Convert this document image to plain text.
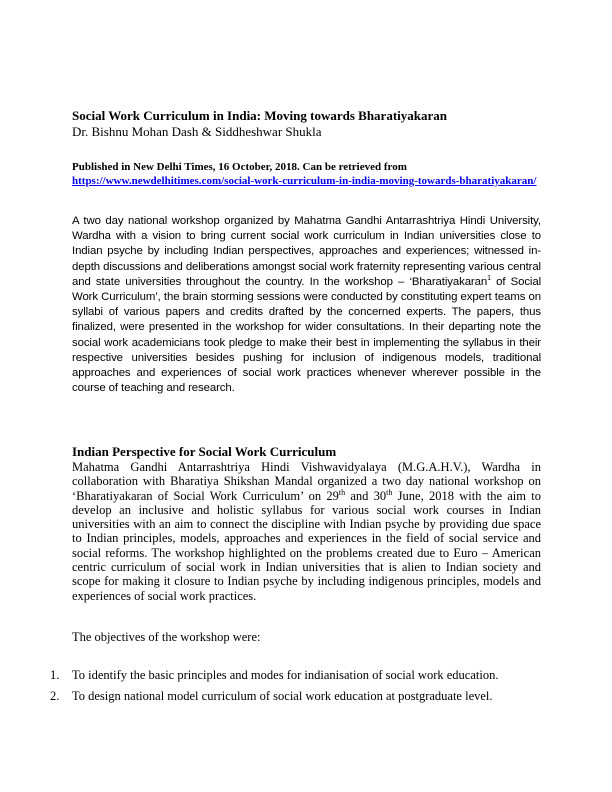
Social Work Curriculum in India: Moving towards Bharatiyakaran
Dr. Bishnu Mohan Dash & Siddheshwar Shukla
Published in New Delhi Times, 16 October, 2018. Can be retrieved from
https://www.newdelhitimes.com/social-work-curriculum-in-india-moving-towards-bharatiyakaran/
A two day national workshop organized by Mahatma Gandhi Antarrashtriya Hindi University, Wardha with a vision to bring current social work curriculum in Indian universities close to Indian psyche by including Indian perspectives, approaches and experiences; witnessed in-depth discussions and deliberations amongst social work fraternity representing various central and state universities throughout the country. In the workshop – ‘Bharatiyakaran$^1$ of Social Work Curriculum’, the brain storming sessions were conducted by constituting expert teams on syllabi of various papers and credits drafted by the concerned experts. The papers, thus finalized, were presented in the workshop for wider consultations. In their departing note the social work academicians took pledge to make their best in implementing the syllabus in their respective universities besides pushing for inclusion of indigenous models, traditional approaches and experiences of social work practices whenever wherever possible in the course of teaching and research.
Indian Perspective for Social Work Curriculum
Mahatma Gandhi Antarrashtriya Hindi Vishwavidyalaya (M.G.A.H.V.), Wardha in collaboration with Bharatiya Shikshan Mandal organized a two day national workshop on ‘Bharatiyakaran of Social Work Curriculum’ on 29th and 30th June, 2018 with the aim to develop an inclusive and holistic syllabus for various social work courses in Indian universities with an aim to connect the discipline with Indian psyche by providing due space to Indian principles, models, approaches and experiences in the field of social service and social reforms. The workshop highlighted on the problems created due to Euro – American centric curriculum of social work in Indian universities that is alien to Indian society and scope for making it closure to Indian psyche by including indigenous principles, models and experiences of social work practices.
The objectives of the workshop were:
1. To identify the basic principles and modes for indianisation of social work education.
2. To design national model curriculum of social work education at postgraduate level.
